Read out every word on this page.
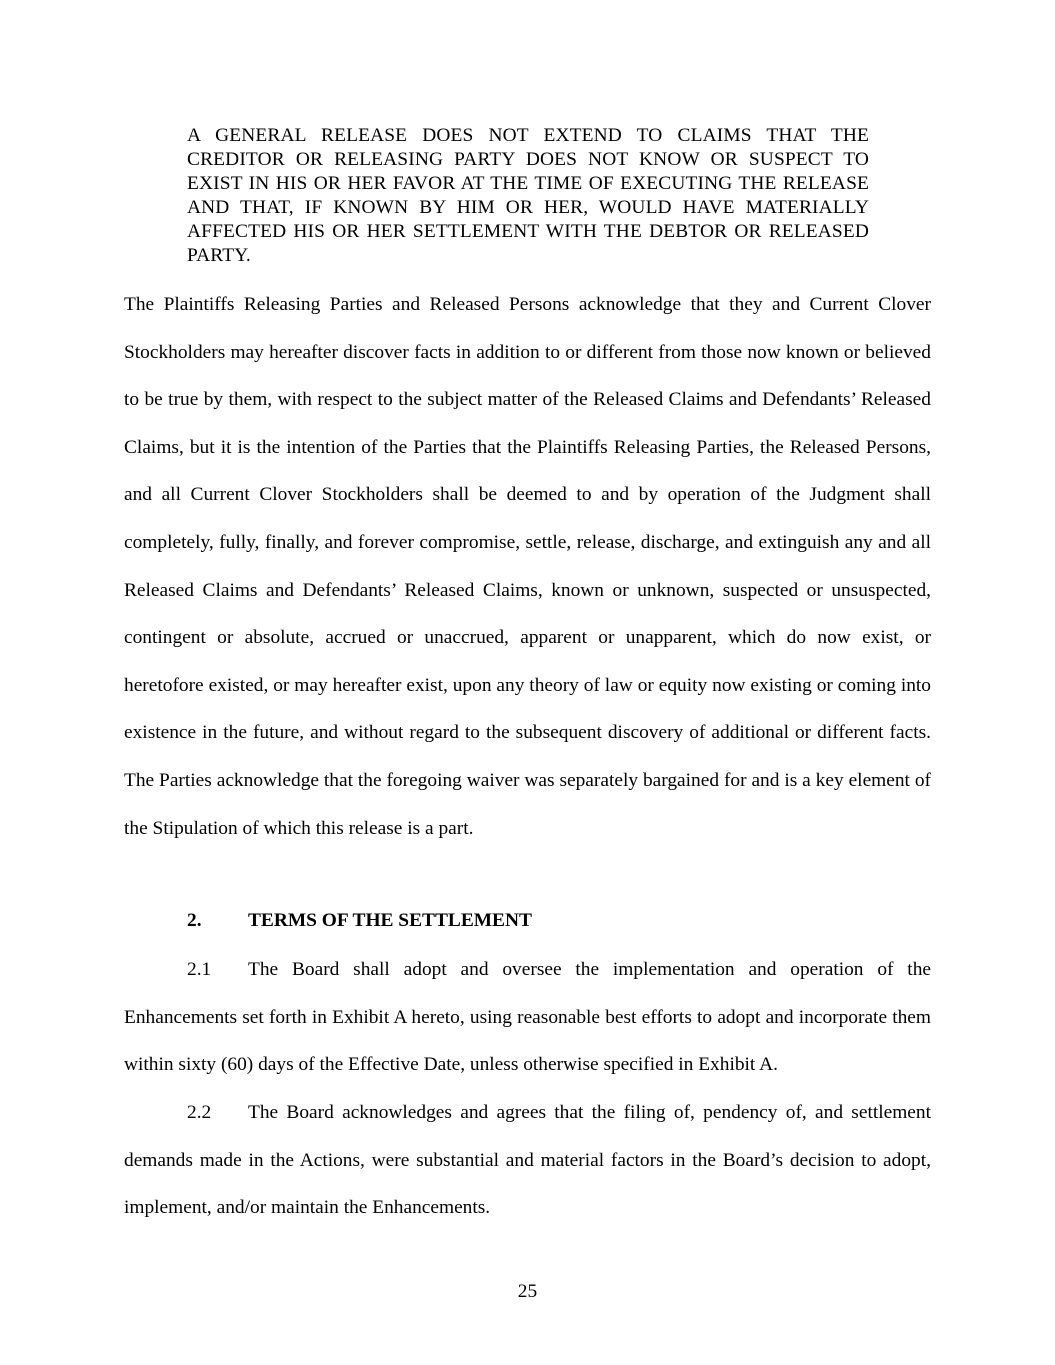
A GENERAL RELEASE DOES NOT EXTEND TO CLAIMS THAT THE CREDITOR OR RELEASING PARTY DOES NOT KNOW OR SUSPECT TO EXIST IN HIS OR HER FAVOR AT THE TIME OF EXECUTING THE RELEASE AND THAT, IF KNOWN BY HIM OR HER, WOULD HAVE MATERIALLY AFFECTED HIS OR HER SETTLEMENT WITH THE DEBTOR OR RELEASED PARTY.
The Plaintiffs Releasing Parties and Released Persons acknowledge that they and Current Clover Stockholders may hereafter discover facts in addition to or different from those now known or believed to be true by them, with respect to the subject matter of the Released Claims and Defendants’ Released Claims, but it is the intention of the Parties that the Plaintiffs Releasing Parties, the Released Persons, and all Current Clover Stockholders shall be deemed to and by operation of the Judgment shall completely, fully, finally, and forever compromise, settle, release, discharge, and extinguish any and all Released Claims and Defendants’ Released Claims, known or unknown, suspected or unsuspected, contingent or absolute, accrued or unaccrued, apparent or unapparent, which do now exist, or heretofore existed, or may hereafter exist, upon any theory of law or equity now existing or coming into existence in the future, and without regard to the subsequent discovery of additional or different facts. The Parties acknowledge that the foregoing waiver was separately bargained for and is a key element of the Stipulation of which this release is a part.
2. TERMS OF THE SETTLEMENT
2.1 The Board shall adopt and oversee the implementation and operation of the Enhancements set forth in Exhibit A hereto, using reasonable best efforts to adopt and incorporate them within sixty (60) days of the Effective Date, unless otherwise specified in Exhibit A.
2.2 The Board acknowledges and agrees that the filing of, pendency of, and settlement demands made in the Actions, were substantial and material factors in the Board’s decision to adopt, implement, and/or maintain the Enhancements.
25
